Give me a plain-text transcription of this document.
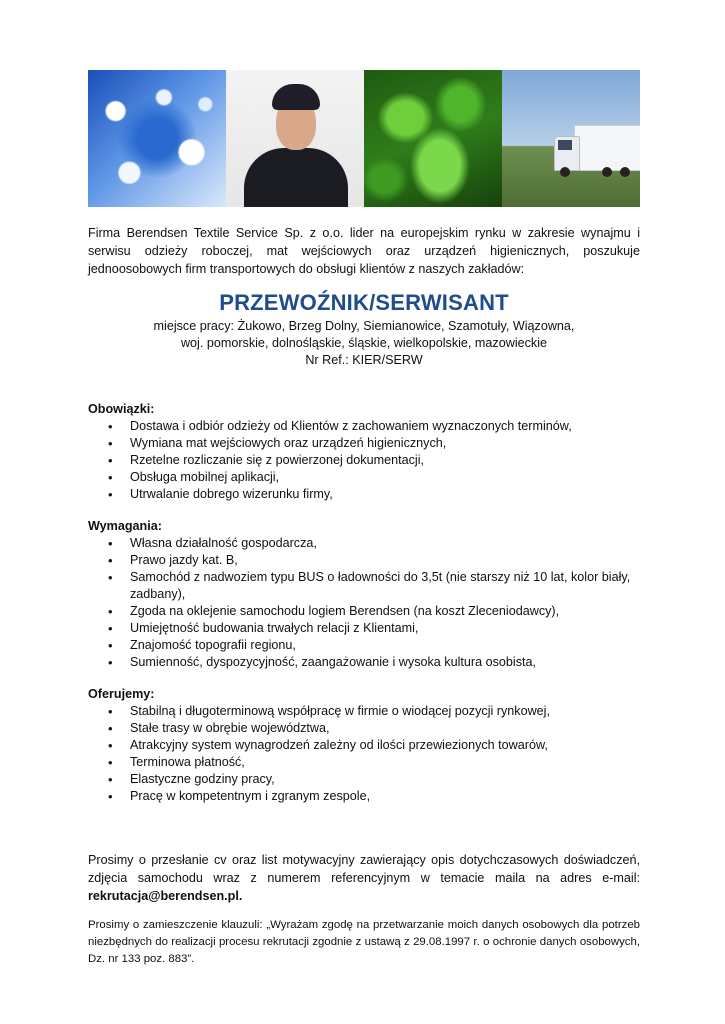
Firma Berendsen Textile Service Sp. z o.o. lider na europejskim rynku w zakresie wynajmu i serwisu odzieży roboczej, mat wejściowych oraz urządzeń higienicznych, poszukuje jednoosobowych firm transportowych do obsługi klientów z naszych zakładów:

PRZEWOŹNIK/SERWISANT
miejsce pracy: Żukowo, Brzeg Dolny, Siemianowice, Szamotuły, Wiązowna,
woj. pomorskie, dolnośląskie, śląskie, wielkopolskie, mazowieckie
Nr Ref.: KIER/SERW
Obowiązki:
• Dostawa i odbiór odzieży od Klientów z zachowaniem wyznaczonych terminów,
• Wymiana mat wejściowych oraz urządzeń higienicznych,
• Rzetelne rozliczanie się z powierzonej dokumentacji,
• Obsługa mobilnej aplikacji,
• Utrwalanie dobrego wizerunku firmy,
Wymagania:
• Własna działalność gospodarcza,
• Prawo jazdy kat. B,
• Samochód z nadwoziem typu BUS o ładowności do 3,5t (nie starszy niż 10 lat, kolor biały, zadbany),
• Zgoda na oklejenie samochodu logiem Berendsen (na koszt Zleceniodawcy),
• Umiejętność budowania trwałych relacji z Klientami,
• Znajomość topografii regionu,
• Sumienność, dyspozycyjność, zaangażowanie i wysoka kultura osobista,
Oferujemy:
• Stabilną i długoterminową współpracę w firmie o wiodącej pozycji rynkowej,
• Stałe trasy w obrębie województwa,
• Atrakcyjny system wynagrodzeń zależny od ilości przewiezionych towarów,
• Terminowa płatność,
• Elastyczne godziny pracy,
• Pracę w kompetentnym i zgranym zespole,

Prosimy o przesłanie cv oraz list motywacyjny zawierający opis dotychczasowych doświadczeń, zdjęcia samochodu wraz z numerem referencyjnym w temacie maila na adres e-mail: rekrutacja@berendsen.pl.

Prosimy o zamieszczenie klauzuli: „Wyrażam zgodę na przetwarzanie moich danych osobowych dla potrzeb niezbędnych do realizacji procesu rekrutacji zgodnie z ustawą z 29.08.1997 r. o ochronie danych osobowych, Dz. nr 133 poz. 883”.
